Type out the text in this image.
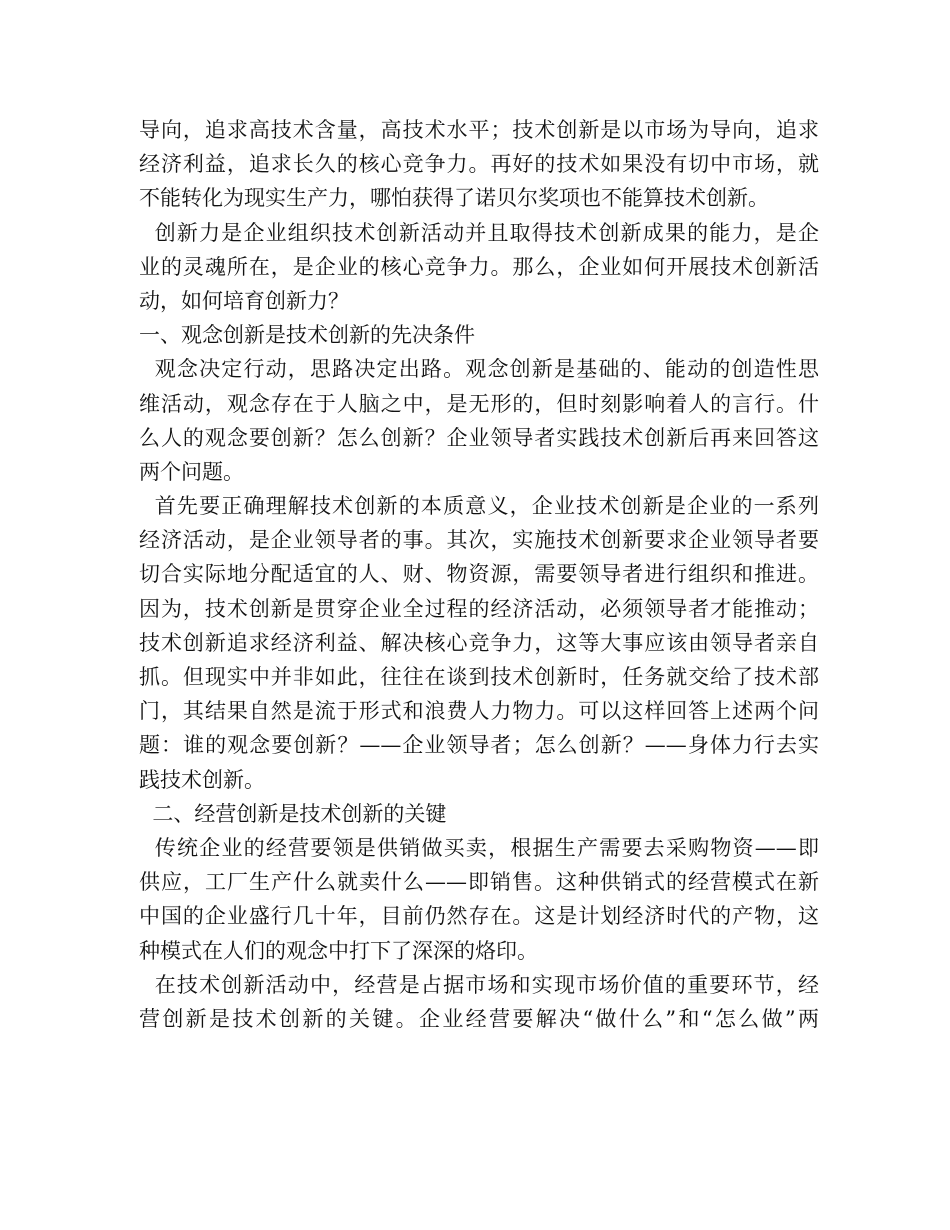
导向，追求高技术含量，高技术水平；技术创新是以市场为导向，追求
经济利益，追求长久的核心竞争力。再好的技术如果没有切中市场，就
不能转化为现实生产力，哪怕获得了诺贝尔奖项也不能算技术创新。
创新力是企业组织技术创新活动并且取得技术创新成果的能力，是企
业的灵魂所在，是企业的核心竞争力。那么，企业如何开展技术创新活
动，如何培育创新力？
一、观念创新是技术创新的先决条件
观念决定行动，思路决定出路。观念创新是基础的、能动的创造性思
维活动，观念存在于人脑之中，是无形的，但时刻影响着人的言行。什
么人的观念要创新？怎么创新？企业领导者实践技术创新后再来回答这
两个问题。
首先要正确理解技术创新的本质意义，企业技术创新是企业的一系列
经济活动，是企业领导者的事。其次，实施技术创新要求企业领导者要
切合实际地分配适宜的人、财、物资源，需要领导者进行组织和推进。
因为，技术创新是贯穿企业全过程的经济活动，必须领导者才能推动；
技术创新追求经济利益、解决核心竞争力，这等大事应该由领导者亲自
抓。但现实中并非如此，往往在谈到技术创新时，任务就交给了技术部
门，其结果自然是流于形式和浪费人力物力。可以这样回答上述两个问
题：谁的观念要创新？——企业领导者；怎么创新？——身体力行去实
践技术创新。
二、经营创新是技术创新的关键
传统企业的经营要领是供销做买卖，根据生产需要去采购物资——即
供应，工厂生产什么就卖什么——即销售。这种供销式的经营模式在新
中国的企业盛行几十年，目前仍然存在。这是计划经济时代的产物，这
种模式在人们的观念中打下了深深的烙印。
在技术创新活动中，经营是占据市场和实现市场价值的重要环节，经
营创新是技术创新的关键。企业经营要解决“做什么”和“怎么做”两
